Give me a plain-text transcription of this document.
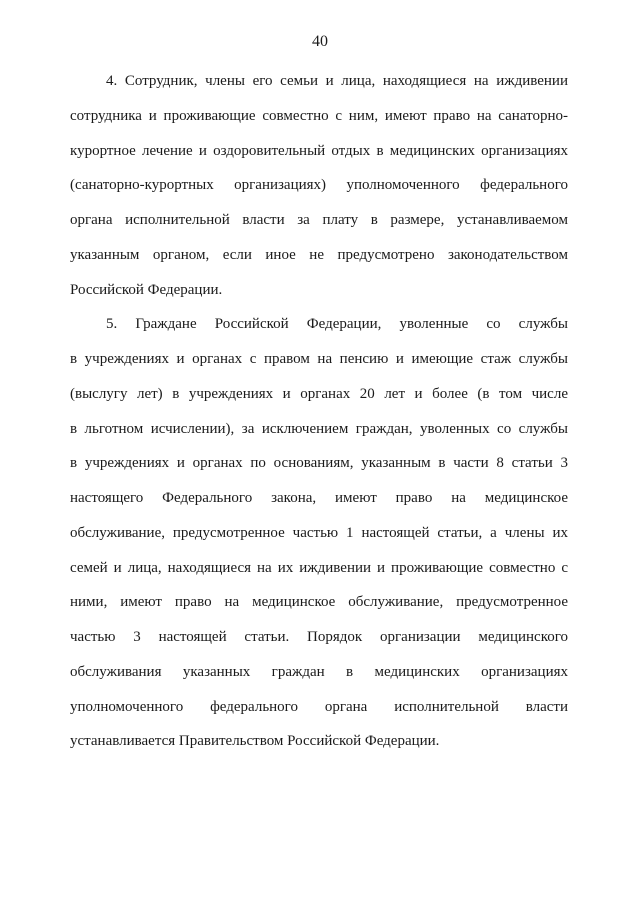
40
4. Сотрудник, члены его семьи и лица, находящиеся на иждивении
сотрудника и проживающие совместно с ним, имеют право на санаторно-
курортное лечение и оздоровительный отдых в медицинских организациях
(санаторно-курортных организациях) уполномоченного федерального
органа исполнительной власти за плату в размере, устанавливаемом
указанным органом, если иное не предусмотрено законодательством
Российской Федерации.
5. Граждане Российской Федерации, уволенные со службы
в учреждениях и органах с правом на пенсию и имеющие стаж службы
(выслугу лет) в учреждениях и органах 20 лет и более (в том числе
в льготном исчислении), за исключением граждан, уволенных со службы
в учреждениях и органах по основаниям, указанным в части 8 статьи 3
настоящего Федерального закона, имеют право на медицинское
обслуживание, предусмотренное частью 1 настоящей статьи, а члены их
семей и лица, находящиеся на их иждивении и проживающие совместно с
ними, имеют право на медицинское обслуживание, предусмотренное
частью 3 настоящей статьи. Порядок организации медицинского
обслуживания указанных граждан в медицинских организациях
уполномоченного федерального органа исполнительной власти
устанавливается Правительством Российской Федерации.
